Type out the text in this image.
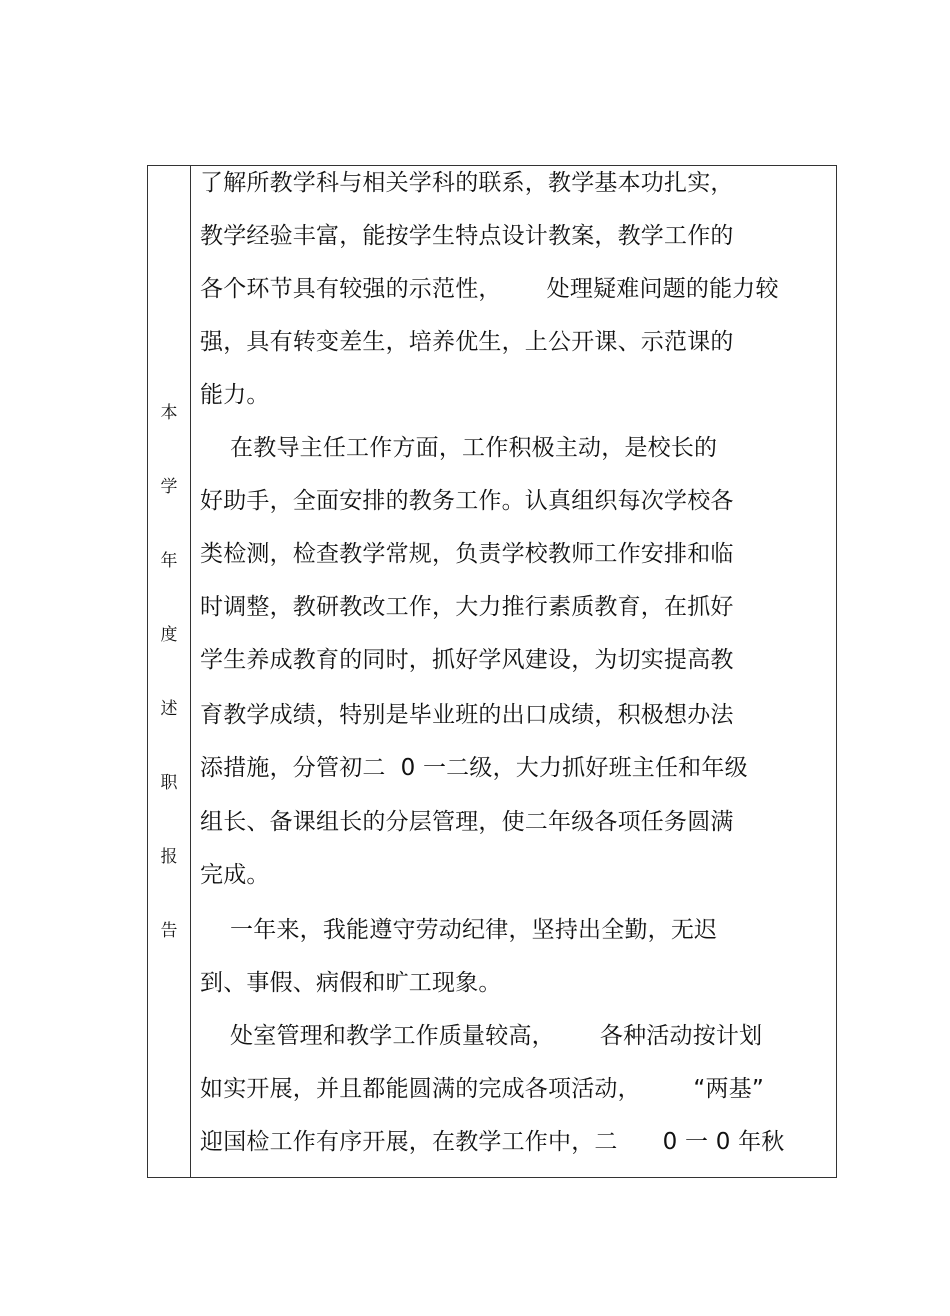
本
学
年
度
述
职
报
告
了解所教学科与相关学科的联系，教学基本功扎实，
教学经验丰富，能按学生特点设计教案，教学工作的
各个环节具有较强的示范性，      处理疑难问题的能力较
强，具有转变差生，培养优生，上公开课、示范课的
能力。
在教导主任工作方面，工作积极主动，是校长的
好助手，全面安排的教务工作。认真组织每次学校各
类检测，检查教学常规，负责学校教师工作安排和临
时调整，教研教改工作，大力推行素质教育，在抓好
学生养成教育的同时，抓好学风建设，为切实提高教
育教学成绩，特别是毕业班的出口成绩，积极想办法
添措施，分管初二  0 一二级，大力抓好班主任和年级
组长、备课组长的分层管理，使二年级各项任务圆满
完成。
一年来，我能遵守劳动纪律，坚持出全勤，无迟
到、事假、病假和旷工现象。
处室管理和教学工作质量较高，      各种活动按计划
如实开展，并且都能圆满的完成各项活动，       “两基”
迎国检工作有序开展，在教学工作中，二      0 一 0 年秋
